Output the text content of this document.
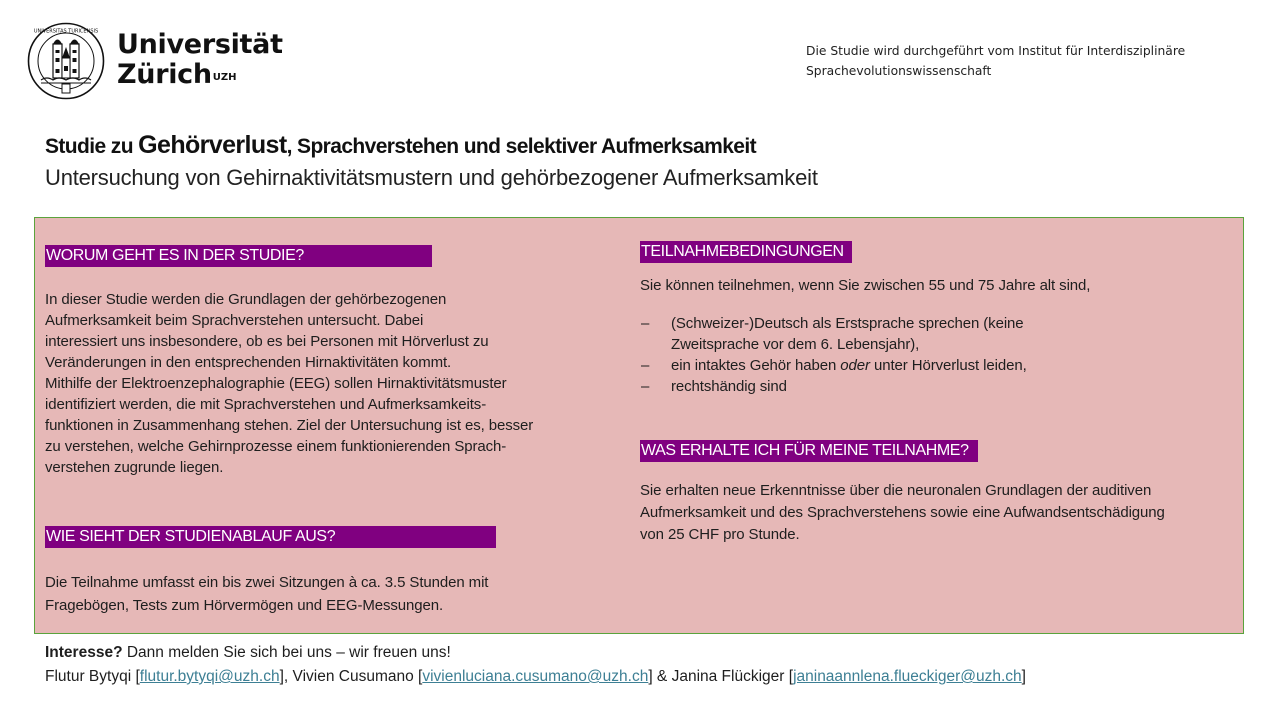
UNIVERSITAS TURICENSIS Universität
Zürich$^{UZH}$
Die Studie wird durchgeführt vom Institut für Interdisziplinäre Sprachevolutionswissenschaft
Studie zu Gehörverlust, Sprachverstehen und selektiver Aufmerksamkeit
Untersuchung von Gehirnaktivitätsmustern und gehörbezogener Aufmerksamkeit
WORUM GEHT ES IN DER STUDIE?

In dieser Studie werden die Grundlagen der gehörbezogenen

Aufmerksamkeit beim Sprachverstehen untersucht. Dabei

interessiert uns insbesondere, ob es bei Personen mit Hörverlust zu

Veränderungen in den entsprechenden Hirnaktivitäten kommt.

Mithilfe der Elektroenzephalographie (EEG) sollen Hirnaktivitätsmuster

identifiziert werden, die mit Sprachverstehen und Aufmerksamkeits-

funktionen in Zusammenhang stehen. Ziel der Untersuchung ist es, besser

zu verstehen, welche Gehirnprozesse einem funktionierenden Sprach-

verstehen zugrunde liegen.

WIE SIEHT DER STUDIENABLAUF AUS?

Die Teilnahme umfasst ein bis zwei Sitzungen à ca. 3.5 Stunden mit

Fragebögen, Tests zum Hörvermögen und EEG-Messungen.

TEILNAHMEBEDINGUNGEN
Sie können teilnehmen, wenn Sie zwischen 55 und 75 Jahre alt sind,
– (Schweizer-)Deutsch als Erstsprache sprechen (keine
Zweitsprache vor dem 6. Lebensjahr),
– ein intaktes Gehör haben oder unter Hörverlust leiden,
– rechtshändig sind
WAS ERHALTE ICH FÜR MEINE TEILNAHME?

Sie erhalten neue Erkenntnisse über die neuronalen Grundlagen der auditiven

Aufmerksamkeit und des Sprachverstehens sowie eine Aufwandsentschädigung

von 25 CHF pro Stunde.

Interesse? Dann melden Sie sich bei uns – wir freuen uns!
Flutur Bytyqi [flutur.bytyqi@uzh.ch], Vivien Cusumano [vivienluciana.cusumano@uzh.ch] & Janina Flückiger [janinaannlena.flueckiger@uzh.ch]
